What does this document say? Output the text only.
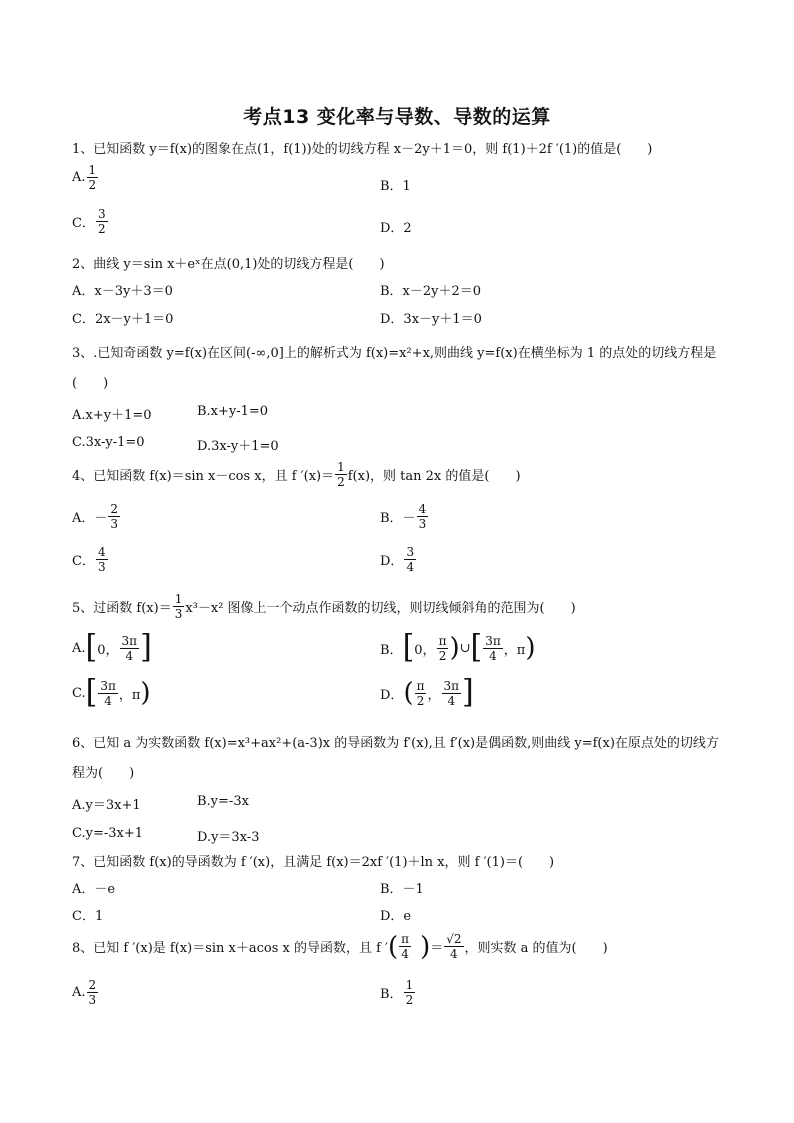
考点13 变化率与导数、导数的运算
1、已知函数 y＝f(x)的图象在点(1，f(1))处的切线方程 x－2y＋1＝0，则 f(1)＋2f ′(1)的值是(　　)
A. $\frac{1}{2}$	B．1
C． $\frac{3}{2}$	D．2
2、曲线 y＝sin x＋eˣ在点(0,1)处的切线方程是(　　)
A．x－3y＋3＝0	B．x－2y＋2＝0
C．2x－y＋1＝0	D．3x－y＋1＝0
3、.已知奇函数 y=f(x)在区间(-∞,0]上的解析式为 f(x)=x²+x,则曲线 y=f(x)在横坐标为 1 的点处的切线方程是
(　　)
A.x+y＋1=0	B.x+y-1=0
C.3x-y-1=0	D.3x-y＋1=0
4、已知函数 f(x)＝sin x－cos x，且 f $'(x)= \frac{1}{2} f(x)$，则 tan 2x 的值是(　　)
A．－ $\frac{2}{3}$	B．－ $\frac{4}{3}$
C． $\frac{4}{3}$	D． $\frac{3}{4}$
5、过函数 $f(x)= \frac{1}{3} x^3-x^2$ 图像上一个动点作函数的切线，则切线倾斜角的范围为(　　)
A. [ 0， $\frac{3\pi}{4}$ ]	B． [ 0， $\frac{\pi}{2}$ ) ∪ [ $\frac{3\pi}{4}$ ，π )
C. [ $\frac{3\pi}{4}$ ，π )	D． ( $\frac{\pi}{2}$ ， $\frac{3\pi}{4}$ ]
6、已知 a 为实数函数 f(x)=x³+ax²+(a-3)x 的导函数为 f′(x),且 f′(x)是偶函数,则曲线 y=f(x)在原点处的切线方
程为(　　)
A.y＝3x+1	B.y=-3x
C.y=-3x+1	D.y＝3x-3
7、已知函数 f(x)的导函数为 f ′(x)，且满足 f(x)＝2xf ′(1)＋ln x，则 f ′(1)＝(　　)
A．－e	B．－1
C．1	D．e
8、已知 f ′(x)是 f(x)＝sin x＋acos x 的导函数，且 f ′ ( $\frac{\pi}{4}$ ) ＝ $\frac{√2}{4}$ ，则实数 a 的值为(　　)
A. $\frac{2}{3}$	B． $\frac{1}{2}$
